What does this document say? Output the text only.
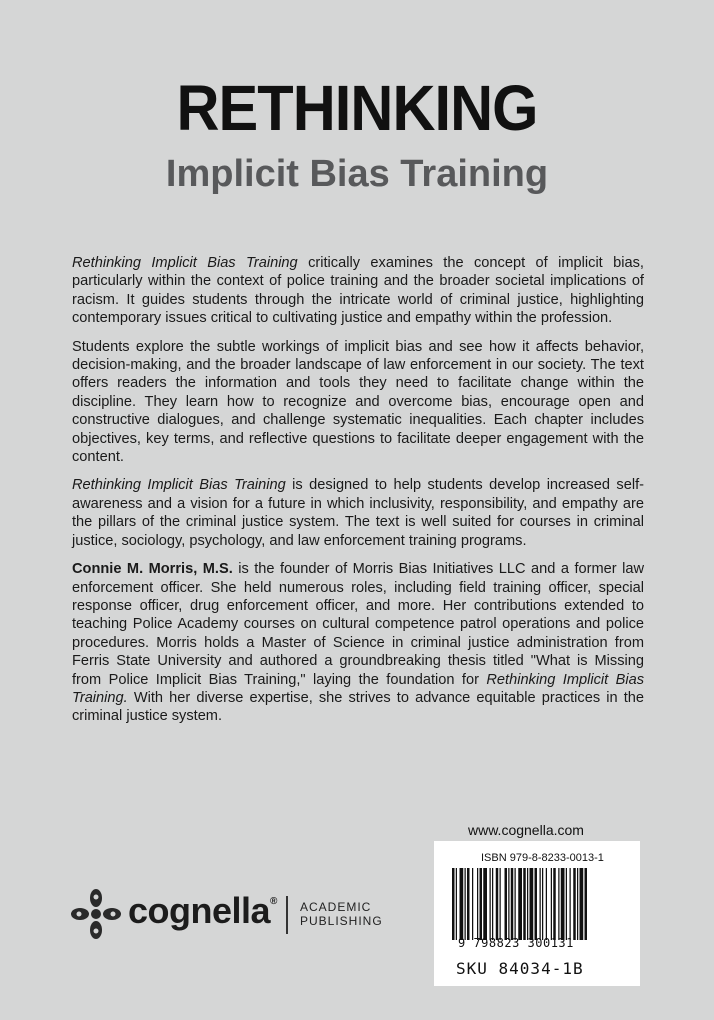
RETHINKING
Implicit Bias Training

Rethinking Implicit Bias Training critically examines the concept of implicit bias, particularly within the context of police training and the broader societal implications of racism. It guides students through the intricate world of criminal justice, highlighting contemporary issues critical to cultivating justice and empathy within the profession.

Students explore the subtle workings of implicit bias and see how it affects behavior, decision-making, and the broader landscape of law enforcement in our society. The text offers readers the information and tools they need to facilitate change within the discipline. They learn how to recognize and overcome bias, encourage open and constructive dialogues, and challenge systematic inequalities. Each chapter includes objectives, key terms, and reflective questions to facilitate deeper engagement with the content.

Rethinking Implicit Bias Training is designed to help students develop increased self-awareness and a vision for a future in which inclusivity, responsibility, and empathy are the pillars of the criminal justice system. The text is well suited for courses in criminal justice, sociology, psychology, and law enforcement training programs.

Connie M. Morris, M.S. is the founder of Morris Bias Initiatives LLC and a former law enforcement officer. She held numerous roles, including field training officer, special response officer, drug enforcement officer, and more. Her contributions extended to teaching Police Academy courses on cultural competence patrol operations and police procedures. Morris holds a Master of Science in criminal justice administration from Ferris State University and authored a groundbreaking thesis titled "What is Missing from Police Implicit Bias Training," laying the foundation for Rethinking Implicit Bias Training. With her diverse expertise, she strives to advance equitable practices in the criminal justice system.

www.cognella.com
ISBN 979-8-8233-0013-1
9 798823 300131
SKU 84034-1B
cognella® ACADEMIC
PUBLISHING
